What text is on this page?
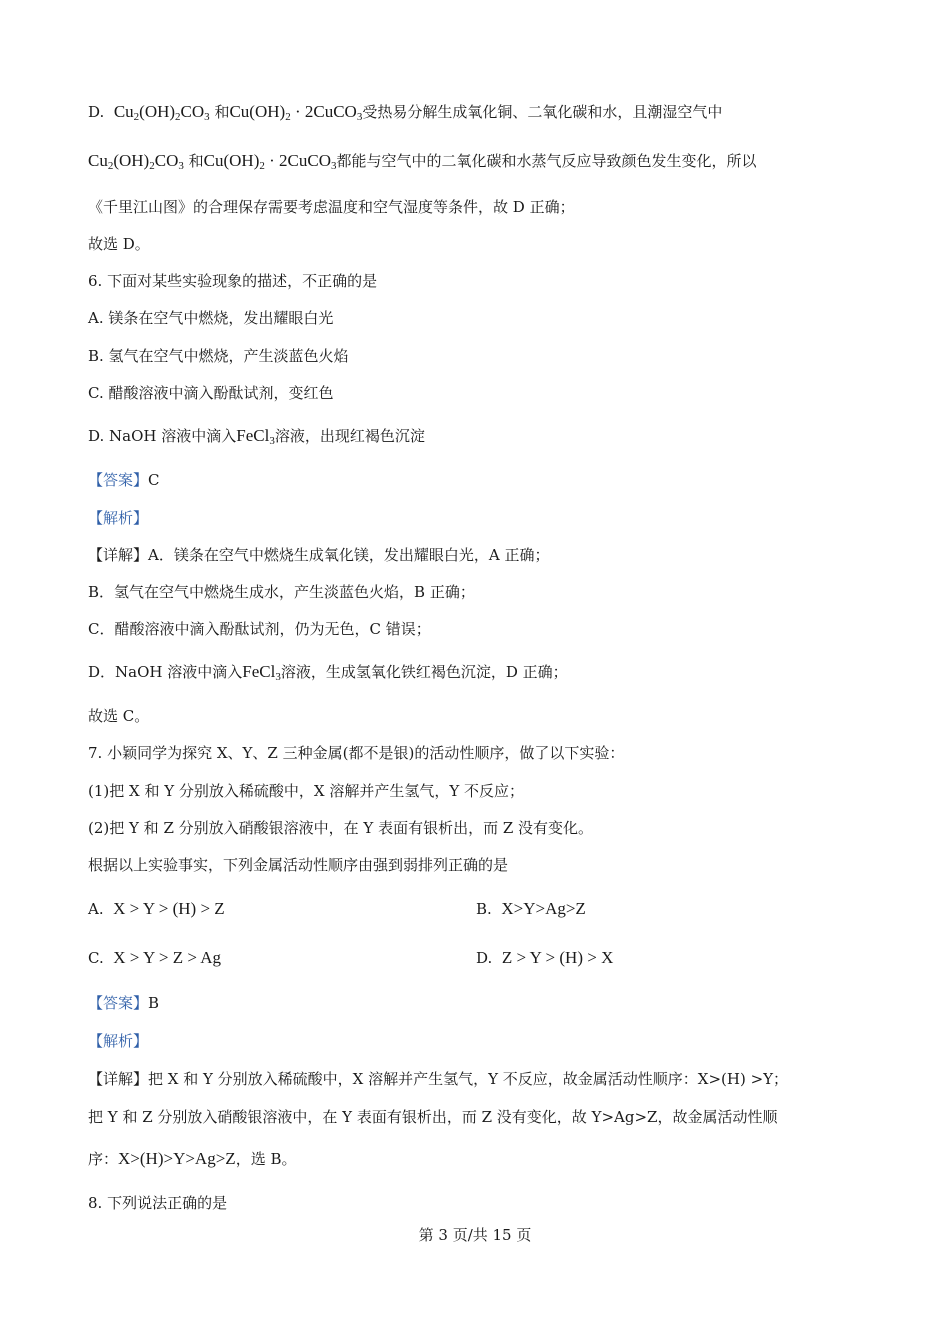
D. $Cu_2(OH)_2CO_3$ 和$Cu(OH)_2$ · 2CuCO$_3$受热易分解生成氧化铜、二氧化碳和水，且潮湿空气中
$Cu_2(OH)_2CO_3$ 和$Cu(OH)_2$ · 2CuCO$_3$都能与空气中的二氧化碳和水蒸气反应导致颜色发生变化，所以
《千里江山图》的合理保存需要考虑温度和空气湿度等条件，故 D 正确；
故选 D。
6. 下面对某些实验现象的描述，不正确的是
A. 镁条在空气中燃烧，发出耀眼白光
B. 氢气在空气中燃烧，产生淡蓝色火焰
C. 醋酸溶液中滴入酚酞试剂，变红色
D. NaOH 溶液中滴入FeCl$_3$溶液，出现红褐色沉淀
【答案】C
【解析】
【详解】A．镁条在空气中燃烧生成氧化镁，发出耀眼白光，A 正确；
B．氢气在空气中燃烧生成水，产生淡蓝色火焰，B 正确；
C．醋酸溶液中滴入酚酞试剂，仍为无色，C 错误；
D．NaOH 溶液中滴入FeCl$_3$溶液，生成氢氧化铁红褐色沉淀，D 正确；
故选 C。
7. 小颖同学为探究 X、Y、Z 三种金属(都不是银)的活动性顺序，做了以下实验：
(1)把 X 和 Y 分别放入稀硫酸中，X 溶解并产生氢气，Y 不反应；
(2)把 Y 和 Z 分别放入硝酸银溶液中，在 Y 表面有银析出，而 Z 没有变化。
根据以上实验事实，下列金属活动性顺序由强到弱排列正确的是
A. X > Y > (H) > Z	B. X>Y>Ag>Z
C. X > Y > Z > Ag	D. Z > Y > (H) > X
【答案】B
【解析】
【详解】把 X 和 Y 分别放入稀硫酸中，X 溶解并产生氢气，Y 不反应，故金属活动性顺序：X>(H) >Y；
把 Y 和 Z 分别放入硝酸银溶液中，在 Y 表面有银析出，而 Z 没有变化，故 Y>Ag>Z，故金属活动性顺
序：X>(H)>Y>Ag>Z，选 B。
8. 下列说法正确的是
第 3 页/共 15 页
